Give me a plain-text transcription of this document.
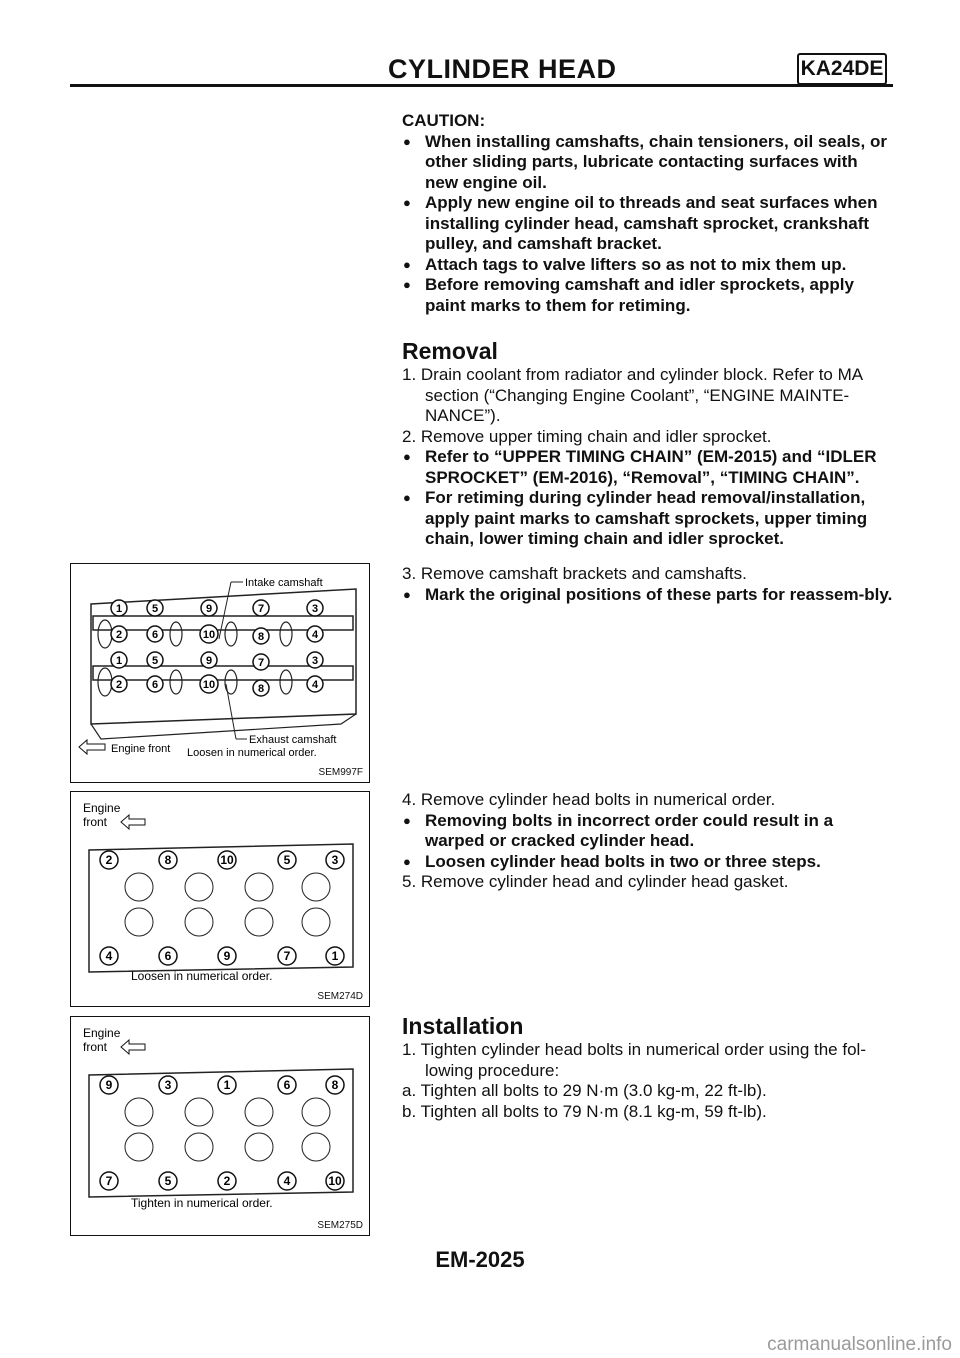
CYLINDER HEAD	KA24DE
CAUTION:
● When installing camshafts, chain tensioners, oil seals, or other sliding parts, lubricate contacting surfaces with new engine oil.
● Apply new engine oil to threads and seat surfaces when installing cylinder head, camshaft sprocket, crankshaft pulley, and camshaft bracket.
● Attach tags to valve lifters so as not to mix them up.
● Before removing camshaft and idler sprockets, apply paint marks to them for retiming.
Removal
1. Drain coolant from radiator and cylinder block. Refer to MA section (“Changing Engine Coolant”, “ENGINE MAINTE-NANCE”).
2. Remove upper timing chain and idler sprocket.
● Refer to “UPPER TIMING CHAIN” (EM-2015) and “IDLER SPROCKET” (EM-2016), “Removal”, “TIMING CHAIN”.
● For retiming during cylinder head removal/installation, apply paint marks to camshaft sprockets, upper timing chain, lower timing chain and idler sprocket.
3. Remove camshaft brackets and camshafts.
● Mark the original positions of these parts for reassem-bly.
4. Remove cylinder head bolts in numerical order.
● Removing bolts in incorrect order could result in a warped or cracked cylinder head.
● Loosen cylinder head bolts in two or three steps.
5. Remove cylinder head and cylinder head gasket.
Installation
1. Tighten cylinder head bolts in numerical order using the fol-lowing procedure:
a. Tighten all bolts to 29 N·m (3.0 kg-m, 22 ft-lb).
b. Tighten all bolts to 79 N·m (8.1 kg-m, 59 ft-lb).
1	5	9	7	3
2	6	10	8	4
1	5	9	7	3
2	6	10	8	4
Intake camshaft
Exhaust camshaft
Engine front Loosen in numerical order.
SEM997F
Engine
front
2	8	10	5	3
4	6	9	7	1
Loosen in numerical order.
SEM274D
Engine
front
9	3	1	6	8
7	5	2	4	10
Tighten in numerical order.
SEM275D
EM-2025
carmanualsonline.info
